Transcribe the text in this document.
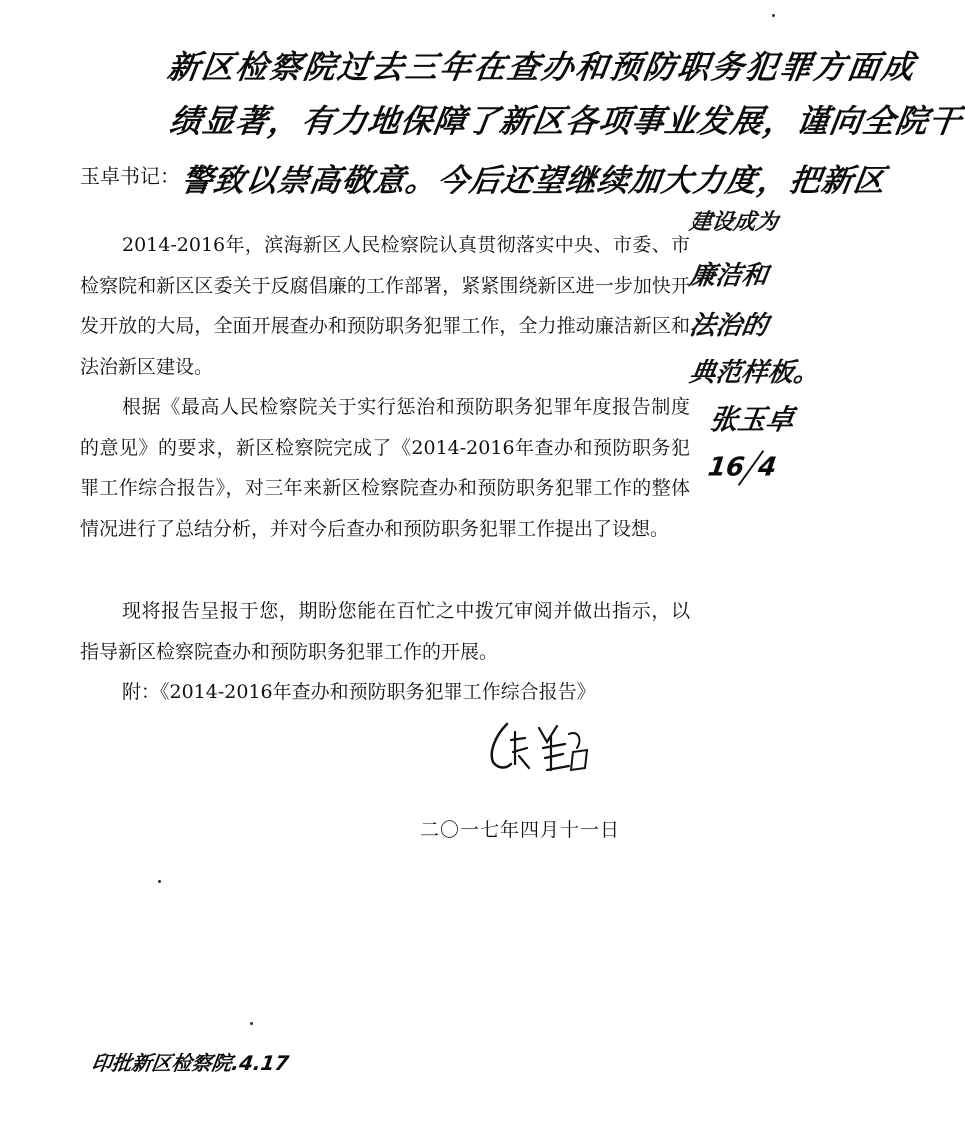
新区检察院过去三年在查办和预防职务犯罪方面成
绩显著，有力地保障了新区各项事业发展，谨向全院干
警致以崇高敬意。今后还望继续加大力度，把新区
玉卓书记：
建设成为
廉洁和
法治的
典范样板。
张玉卓
16 4

2014-2016年，滨海新区人民检察院认真贯彻落实中央、市委、市检察院和新区区委关于反腐倡廉的工作部署，紧紧围绕新区进一步加快开发开放的大局，全面开展查办和预防职务犯罪工作，全力推动廉洁新区和法治新区建设。

根据《最高人民检察院关于实行惩治和预防职务犯罪年度报告制度的意见》的要求，新区检察院完成了《2014-2016年查办和预防职务犯罪工作综合报告》，对三年来新区检察院查办和预防职务犯罪工作的整体情况进行了总结分析，并对今后查办和预防职务犯罪工作提出了设想。

现将报告呈报于您，期盼您能在百忙之中拨冗审阅并做出指示，以指导新区检察院查办和预防职务犯罪工作的开展。

附：《2014-2016年查办和预防职务犯罪工作综合报告》

二〇一七年四月十一日
印批新区检察院.4.17
